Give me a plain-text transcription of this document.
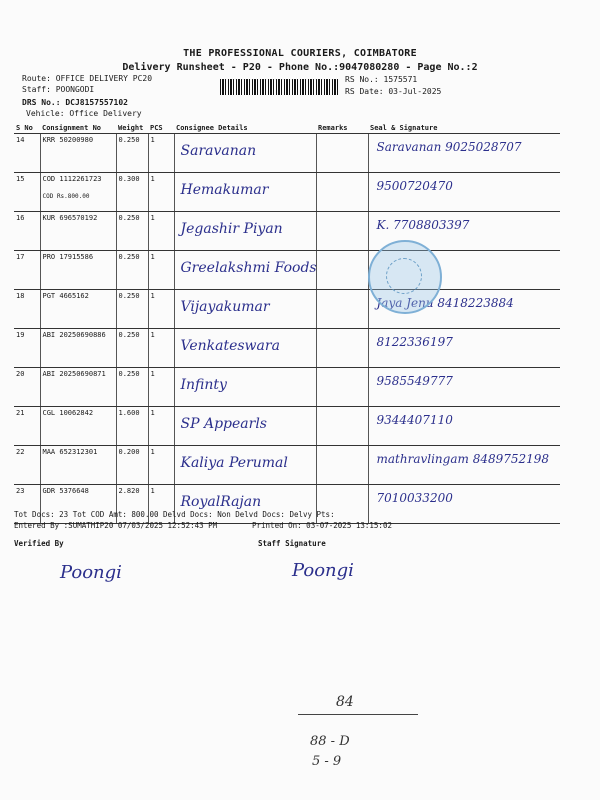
THE PROFESSIONAL COURIERS, COIMBATORE
Delivery Runsheet - P20 - Phone No.:9047080280 - Page No.:2
Route: OFFICE DELIVERY PC20
Staff: POONGODI
DRS No.: DCJ8157557102
Vehicle: Office Delivery
RS No.: 1575571
RS Date: 03-Jul-2025
S No	Consignment No	Weight	PCS	Consignee Details	Remarks	Seal & Signature
14	KRR 50200980	0.250	1	Saravanan		Saravanan 9025028707

15	COD 1112261723
COD Rs.800.00	0.300	1	Hemakumar		9500720470

16	KUR 696570192	0.250	1	Jegashir Piyan		K. 7708803397

17	PRO 17915586	0.250	1	Greelakshmi Foods		

18	PGT 4665162	0.250	1	Vijayakumar		Jaya Jenu 8418223884

19	ABI 20250690886	0.250	1	Venkateswara		8122336197

20	ABI 20250690871	0.250	1	Infinty		9585549777

21	CGL 10062842	1.600	1	SP Appearls		9344407110

22	MAA 652312301	0.200	1	Kaliya Perumal		mathravlingam 8489752198

23	GDR 5376648	2.820	1	RoyalRajan		7010033200
Tot Docs: 23 Tot COD Amt: 800.00 Delvd Docs: Non Delvd Docs: Delvy Pts:
Entered By :SUMATHIP20 07/03/2025 12:52:43 PM	Printed On: 03-07-2025 13:15:02
Verified By	Staff Signature
Poongi	Poongi
84
88 - D
5 - 9
